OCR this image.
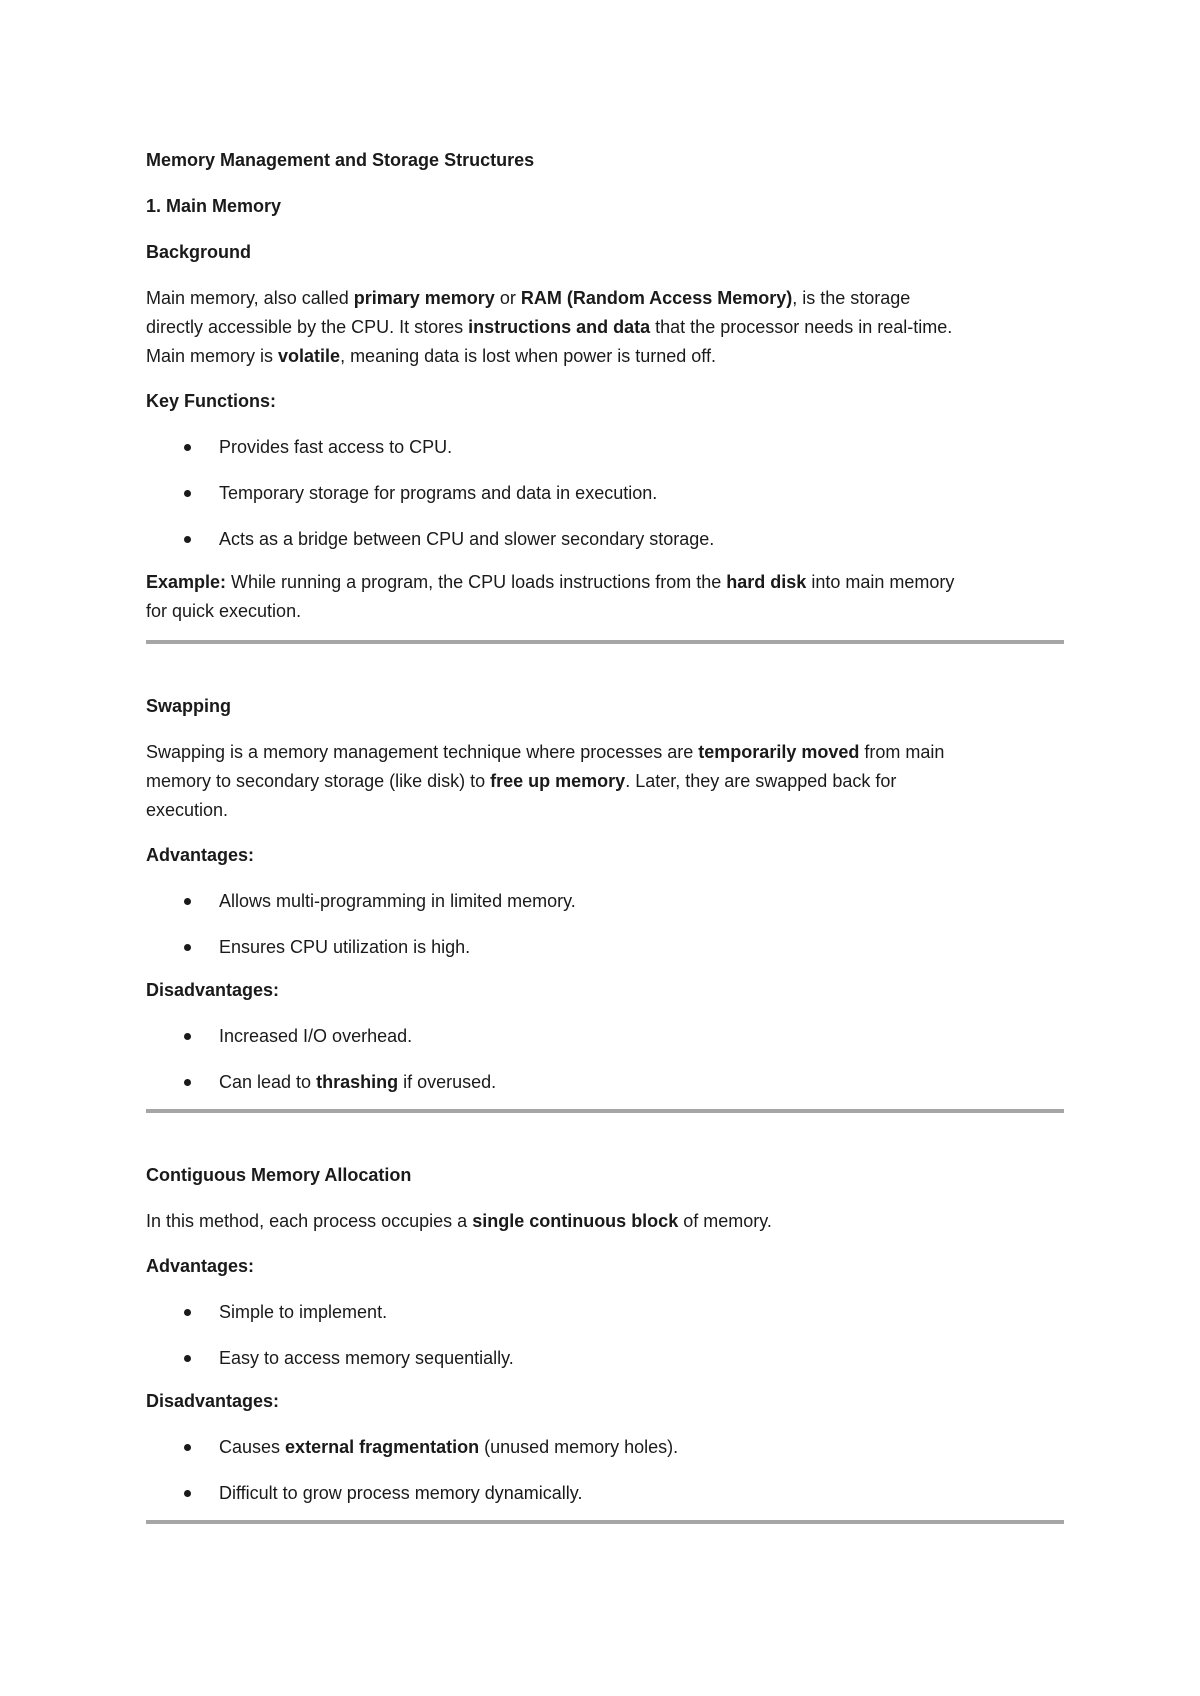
Memory Management and Storage Structures

1. Main Memory

Background

Main memory, also called primary memory or RAM (Random Access Memory), is the storage

directly accessible by the CPU. It stores instructions and data that the processor needs in real-time.

Main memory is volatile, meaning data is lost when power is turned off.

Key Functions:

Provides fast access to CPU.
Temporary storage for programs and data in execution.
Acts as a bridge between CPU and slower secondary storage.

Example: While running a program, the CPU loads instructions from the hard disk into main memory

for quick execution.

Swapping

Swapping is a memory management technique where processes are temporarily moved from main

memory to secondary storage (like disk) to free up memory. Later, they are swapped back for

execution.

Advantages:

Allows multi-programming in limited memory.
Ensures CPU utilization is high.

Disadvantages:

Increased I/O overhead.
Can lead to thrashing if overused.

Contiguous Memory Allocation

In this method, each process occupies a single continuous block of memory.

Advantages:

Simple to implement.
Easy to access memory sequentially.

Disadvantages:

Causes external fragmentation (unused memory holes).
Difficult to grow process memory dynamically.
